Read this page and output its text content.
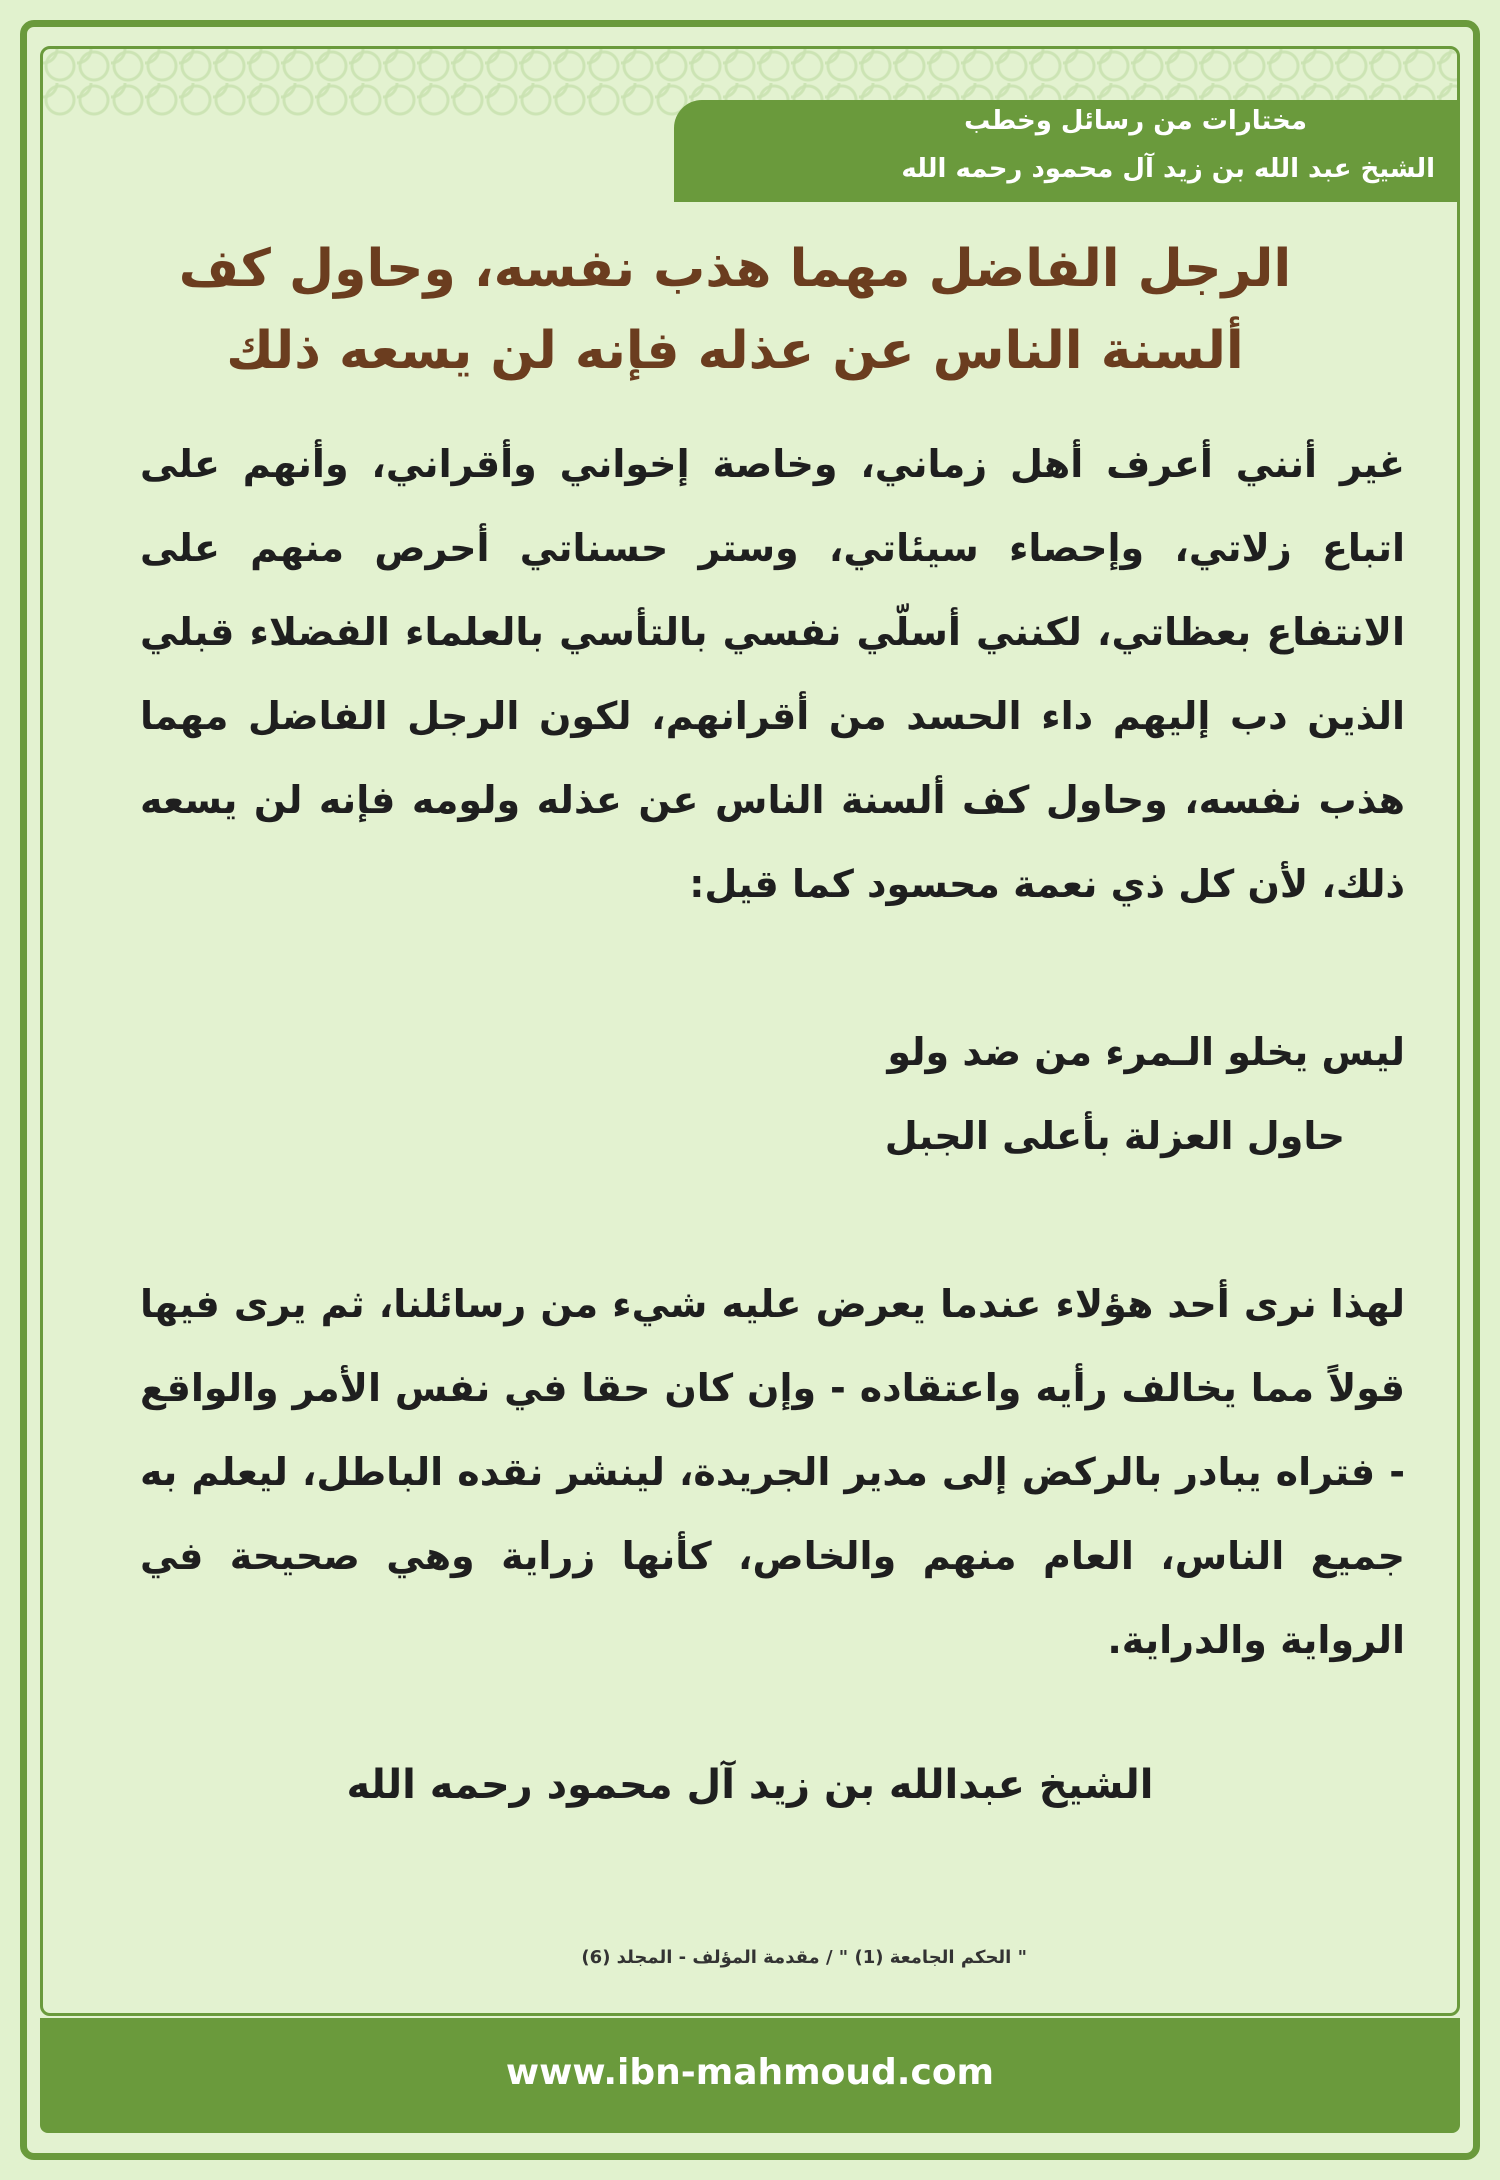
مختارات من رسائل وخطب
الشيخ عبد الله بن زيد آل محمود رحمه الله
الرجل الفاضل مهما هذب نفسه، وحاول كف
ألسنة الناس عن عذله فإنه لن يسعه ذلك
غير أنني أعرف أهل زماني، وخاصة إخواني وأقراني، وأنهم على اتباع زلاتي، وإحصاء سيئاتي، وستر حسناتي أحرص منهم على الانتفاع بعظاتي، لكنني أسلّي نفسي بالتأسي بالعلماء الفضلاء قبلي الذين دب إليهم داء الحسد من أقرانهم، لكون الرجل الفاضل مهما هذب نفسه، وحاول كف ألسنة الناس عن عذله ولومه فإنه لن يسعه ذلك، لأن كل ذي نعمة محسود كما قيل:
ليس يخلو الـمرء من ضد ولو
حاول العزلة بأعلى الجبل
لهذا نرى أحد هؤلاء عندما يعرض عليه شيء من رسائلنا، ثم يرى فيها قولاً مما يخالف رأيه واعتقاده - وإن كان حقا في نفس الأمر والواقع - فتراه يبادر بالركض إلى مدير الجريدة، لينشر نقده الباطل، ليعلم به جميع الناس، العام منهم والخاص، كأنها زراية وهي صحيحة في الرواية والدراية.
الشيخ عبدالله بن زيد آل محمود رحمه الله
" الحكم الجامعة (1) " / مقدمة المؤلف - المجلد (6)
www.ibn-mahmoud.com
